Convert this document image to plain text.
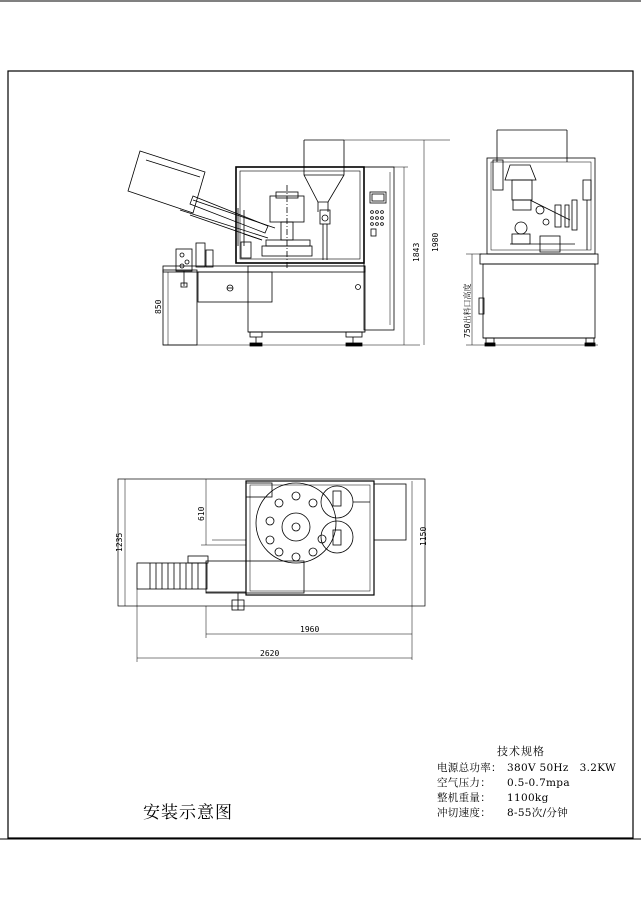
850
1843
1980
750出料口高度
610
1235	1150
1960
2620
技术规格
电源总功率： 380V 50Hz   3.2KW
空气压力： 0.5-0.7mpa
整机重量： 1100kg
冲切速度： 8-55次/分钟
安装示意图
